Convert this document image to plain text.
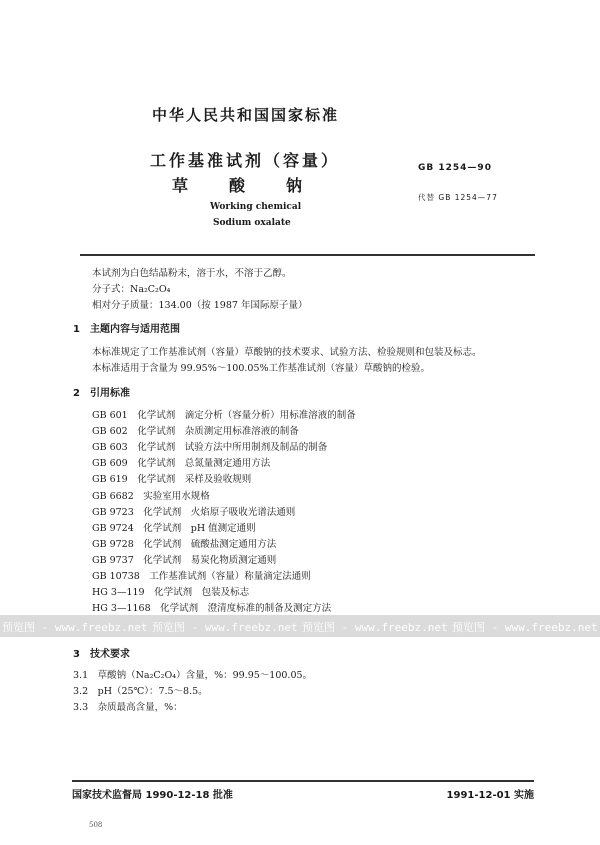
中华人民共和国国家标准
工作基准试剂（容量）
草　　酸　　钠
GB 1254—90
代替 GB 1254—77
Working chemical
Sodium oxalate
本试剂为白色结晶粉末，溶于水，不溶于乙醇。
分子式：Na₂C₂O₄
相对分子质量：134.00（按 1987 年国际原子量）
1　主题内容与适用范围
本标准规定了工作基准试剂（容量）草酸钠的技术要求、试验方法、检验规则和包装及标志。
本标准适用于含量为 99.95%～100.05%工作基准试剂（容量）草酸钠的检验。
2　引用标准
GB 601　化学试剂　滴定分析（容量分析）用标准溶液的制备
GB 602　化学试剂　杂质测定用标准溶液的制备
GB 603　化学试剂　试验方法中所用制剂及制品的制备
GB 609　化学试剂　总氮量测定通用方法
GB 619　化学试剂　采样及验收规则
GB 6682　实验室用水规格
GB 9723　化学试剂　火焰原子吸收光谱法通则
GB 9724　化学试剂　pH 值测定通则
GB 9728　化学试剂　硫酸盐测定通用方法
GB 9737　化学试剂　易炭化物质测定通则
GB 10738　工作基准试剂（容量）称量滴定法通则
HG 3—119　化学试剂　包装及标志
HG 3—1168　化学试剂　澄清度标准的制备及测定方法
预览图 - www.freebz.net 预览图 - www.freebz.net 预览图 - www.freebz.net 预览图 - www.freebz.net
3　技术要求
3.1　草酸钠（Na₂C₂O₄）含量，%：99.95～100.05。
3.2　pH（25℃）：7.5～8.5。
3.3　杂质最高含量，%：
国家技术监督局 1990-12-18 批准	1991-12-01 实施
508
